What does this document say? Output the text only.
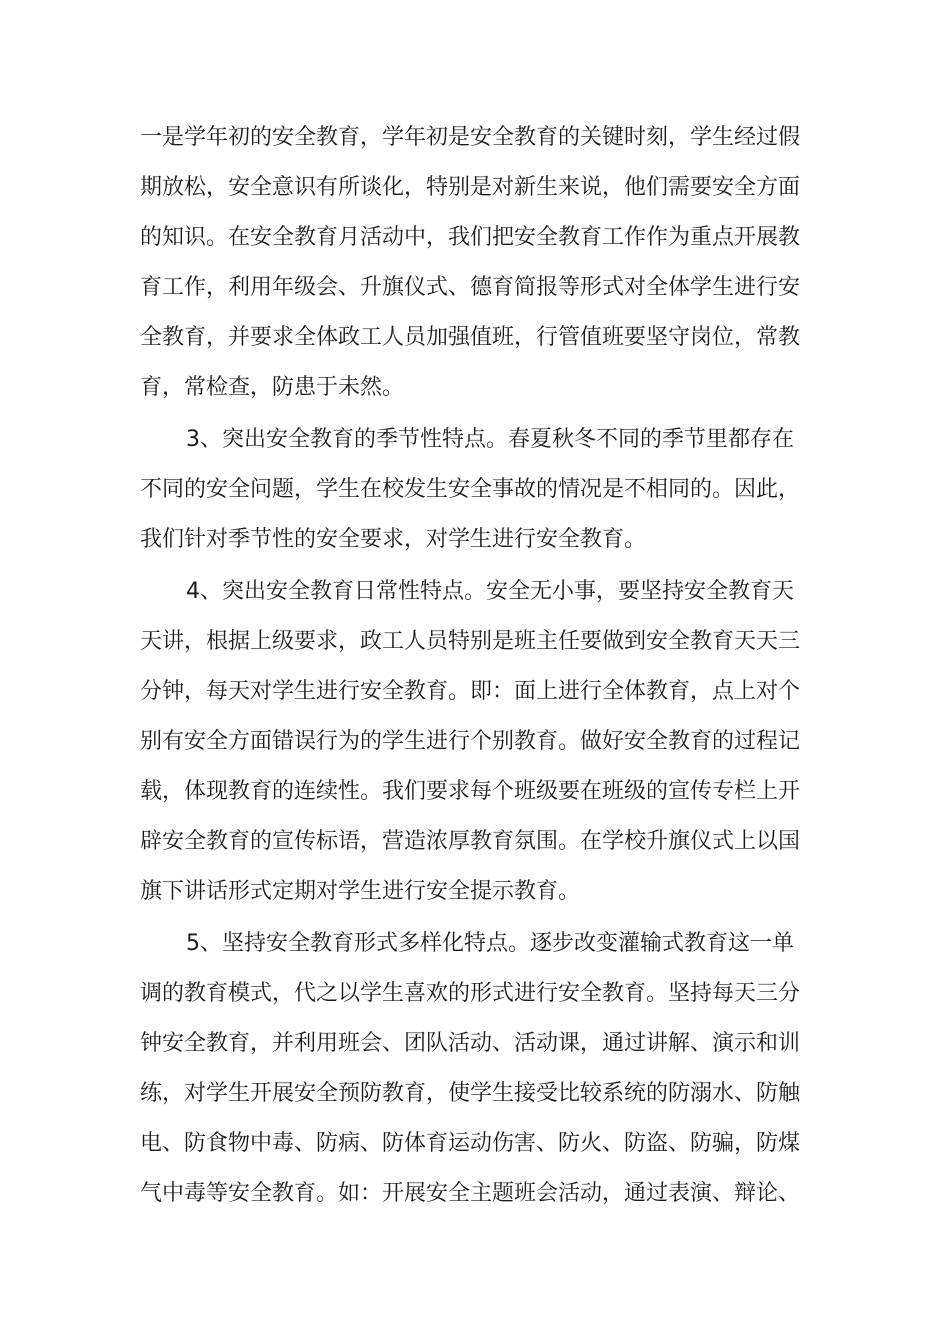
一是学年初的安全教育，学年初是安全教育的关键时刻，学生经过假
期放松，安全意识有所谈化，特别是对新生来说，他们需要安全方面
的知识。在安全教育月活动中，我们把安全教育工作作为重点开展教
育工作，利用年级会、升旗仪式、德育简报等形式对全体学生进行安
全教育，并要求全体政工人员加强值班，行管值班要坚守岗位，常教
育，常检查，防患于未然。
3、突出安全教育的季节性特点。春夏秋冬不同的季节里都存在
不同的安全问题，学生在校发生安全事故的情况是不相同的。因此，
我们针对季节性的安全要求，对学生进行安全教育。
4、突出安全教育日常性特点。安全无小事，要坚持安全教育天
天讲，根据上级要求，政工人员特别是班主任要做到安全教育天天三
分钟，每天对学生进行安全教育。即：面上进行全体教育，点上对个
别有安全方面错误行为的学生进行个别教育。做好安全教育的过程记
载，体现教育的连续性。我们要求每个班级要在班级的宣传专栏上开
辟安全教育的宣传标语，营造浓厚教育氛围。在学校升旗仪式上以国
旗下讲话形式定期对学生进行安全提示教育。
5、坚持安全教育形式多样化特点。逐步改变灌输式教育这一单
调的教育模式，代之以学生喜欢的形式进行安全教育。坚持每天三分
钟安全教育，并利用班会、团队活动、活动课，通过讲解、演示和训
练，对学生开展安全预防教育，使学生接受比较系统的防溺水、防触
电、防食物中毒、防病、防体育运动伤害、防火、防盗、防骗，防煤
气中毒等安全教育。如：开展安全主题班会活动，通过表演、辩论、
